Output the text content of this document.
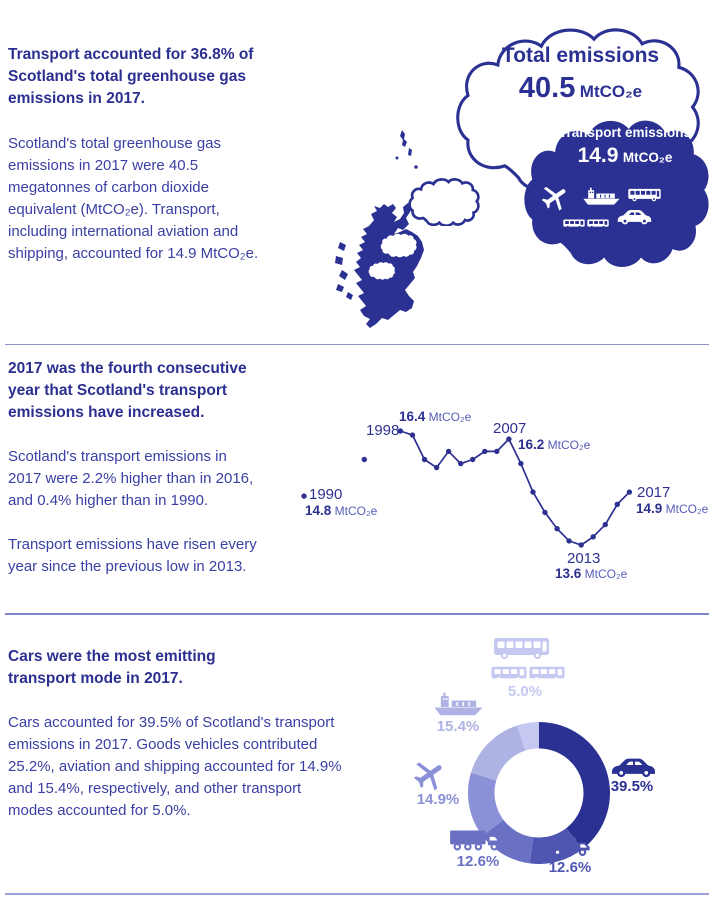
Transport accounted for 36.8% of Scotland's total greenhouse gas emissions in 2017.
Scotland's total greenhouse gas emissions in 2017 were 40.5 megatonnes of carbon dioxide equivalent (MtCO₂e). Transport, including international aviation and shipping, accounted for 14.9 MtCO₂e.
Total emissions
40.5 MtCO₂e
Transport emissions
14.9 MtCO₂e
2017 was the fourth consecutive year that Scotland's transport emissions have increased.
Scotland's transport emissions in 2017 were 2.2% higher than in 2016, and 0.4% higher than in 1990.
Transport emissions have risen every year since the previous low in 2013.
1990
14.8 MtCO₂e
1998
16.4 MtCO₂e
2007
16.2 MtCO₂e
2013
13.6 MtCO₂e
2017
14.9 MtCO₂e
Cars were the most emitting transport mode in 2017.
Cars accounted for 39.5% of Scotland's transport emissions in 2017. Goods vehicles contributed 25.2%, aviation and shipping accounted for 14.9% and 15.4%, respectively, and other transport modes accounted for 5.0%.
5.0%
15.4%
14.9%
12.6%	12.6%
39.5%
